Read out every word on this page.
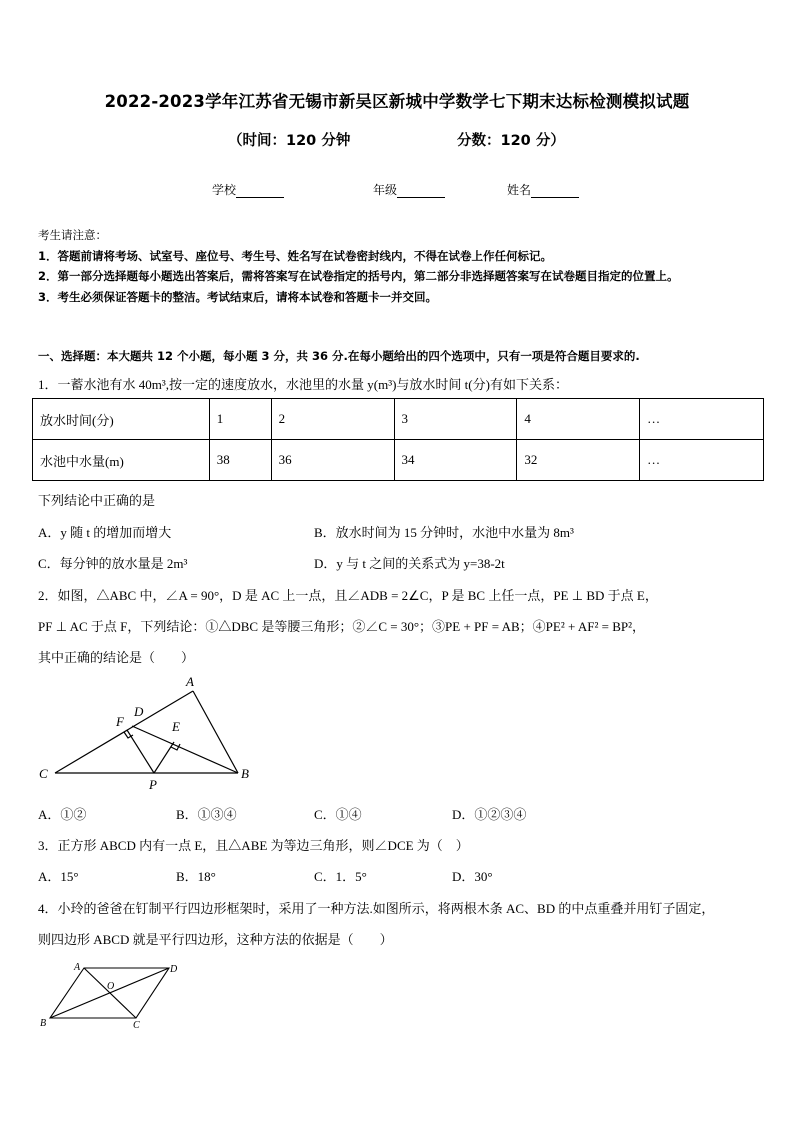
2022-2023学年江苏省无锡市新吴区新城中学数学七下期末达标检测模拟试题
（时间：120 分钟	分数：120 分）
学校	年级	姓名
考生请注意：
1．答题前请将考场、试室号、座位号、考生号、姓名写在试卷密封线内，不得在试卷上作任何标记。
2．第一部分选择题每小题选出答案后，需将答案写在试卷指定的括号内，第二部分非选择题答案写在试卷题目指定的位置上。
3．考生必须保证答题卡的整洁。考试结束后，请将本试卷和答题卡一并交回。
一、选择题：本大题共 12 个小题，每小题 3 分，共 36 分.在每小题给出的四个选项中，只有一项是符合题目要求的.
1．一蓄水池有水 40m³,按一定的速度放水，水池里的水量 y(m³)与放水时间 t(分)有如下关系：
放水时间(分)	1	2	3	4	…
水池中水量(m)	38	36	34	32	…
下列结论中正确的是
A．y 随 t 的增加而增大	B．放水时间为 15 分钟时，水池中水量为 8m³
C．每分钟的放水量是 2m³	D．y 与 t 之间的关系式为 y=38-2t
2．如图，△ABC 中，∠A = 90°，D 是 AC 上一点，且∠ADB = 2∠C，P 是 BC 上任一点，PE ⊥ BD 于点 E，
PF ⊥ AC 于点 F，下列结论：①△DBC 是等腰三角形；②∠C = 30°；③PE + PF = AB；④PE² + AF² = BP²，
其中正确的结论是（　　）
A
B
C
D
E
F
P
A．①②	B．①③④	C．①④	D．①②③④
3．正方形 ABCD 内有一点 E，且△ABE 为等边三角形，则∠DCE 为（　）
A．15°	B．18°	C．1．5°	D．30°
4．小玲的爸爸在钉制平行四边形框架时，采用了一种方法.如图所示，将两根木条 AC、BD 的中点重叠并用钉子固定，
则四边形 ABCD 就是平行四边形，这种方法的依据是（　　）
A
B	C
D
O
